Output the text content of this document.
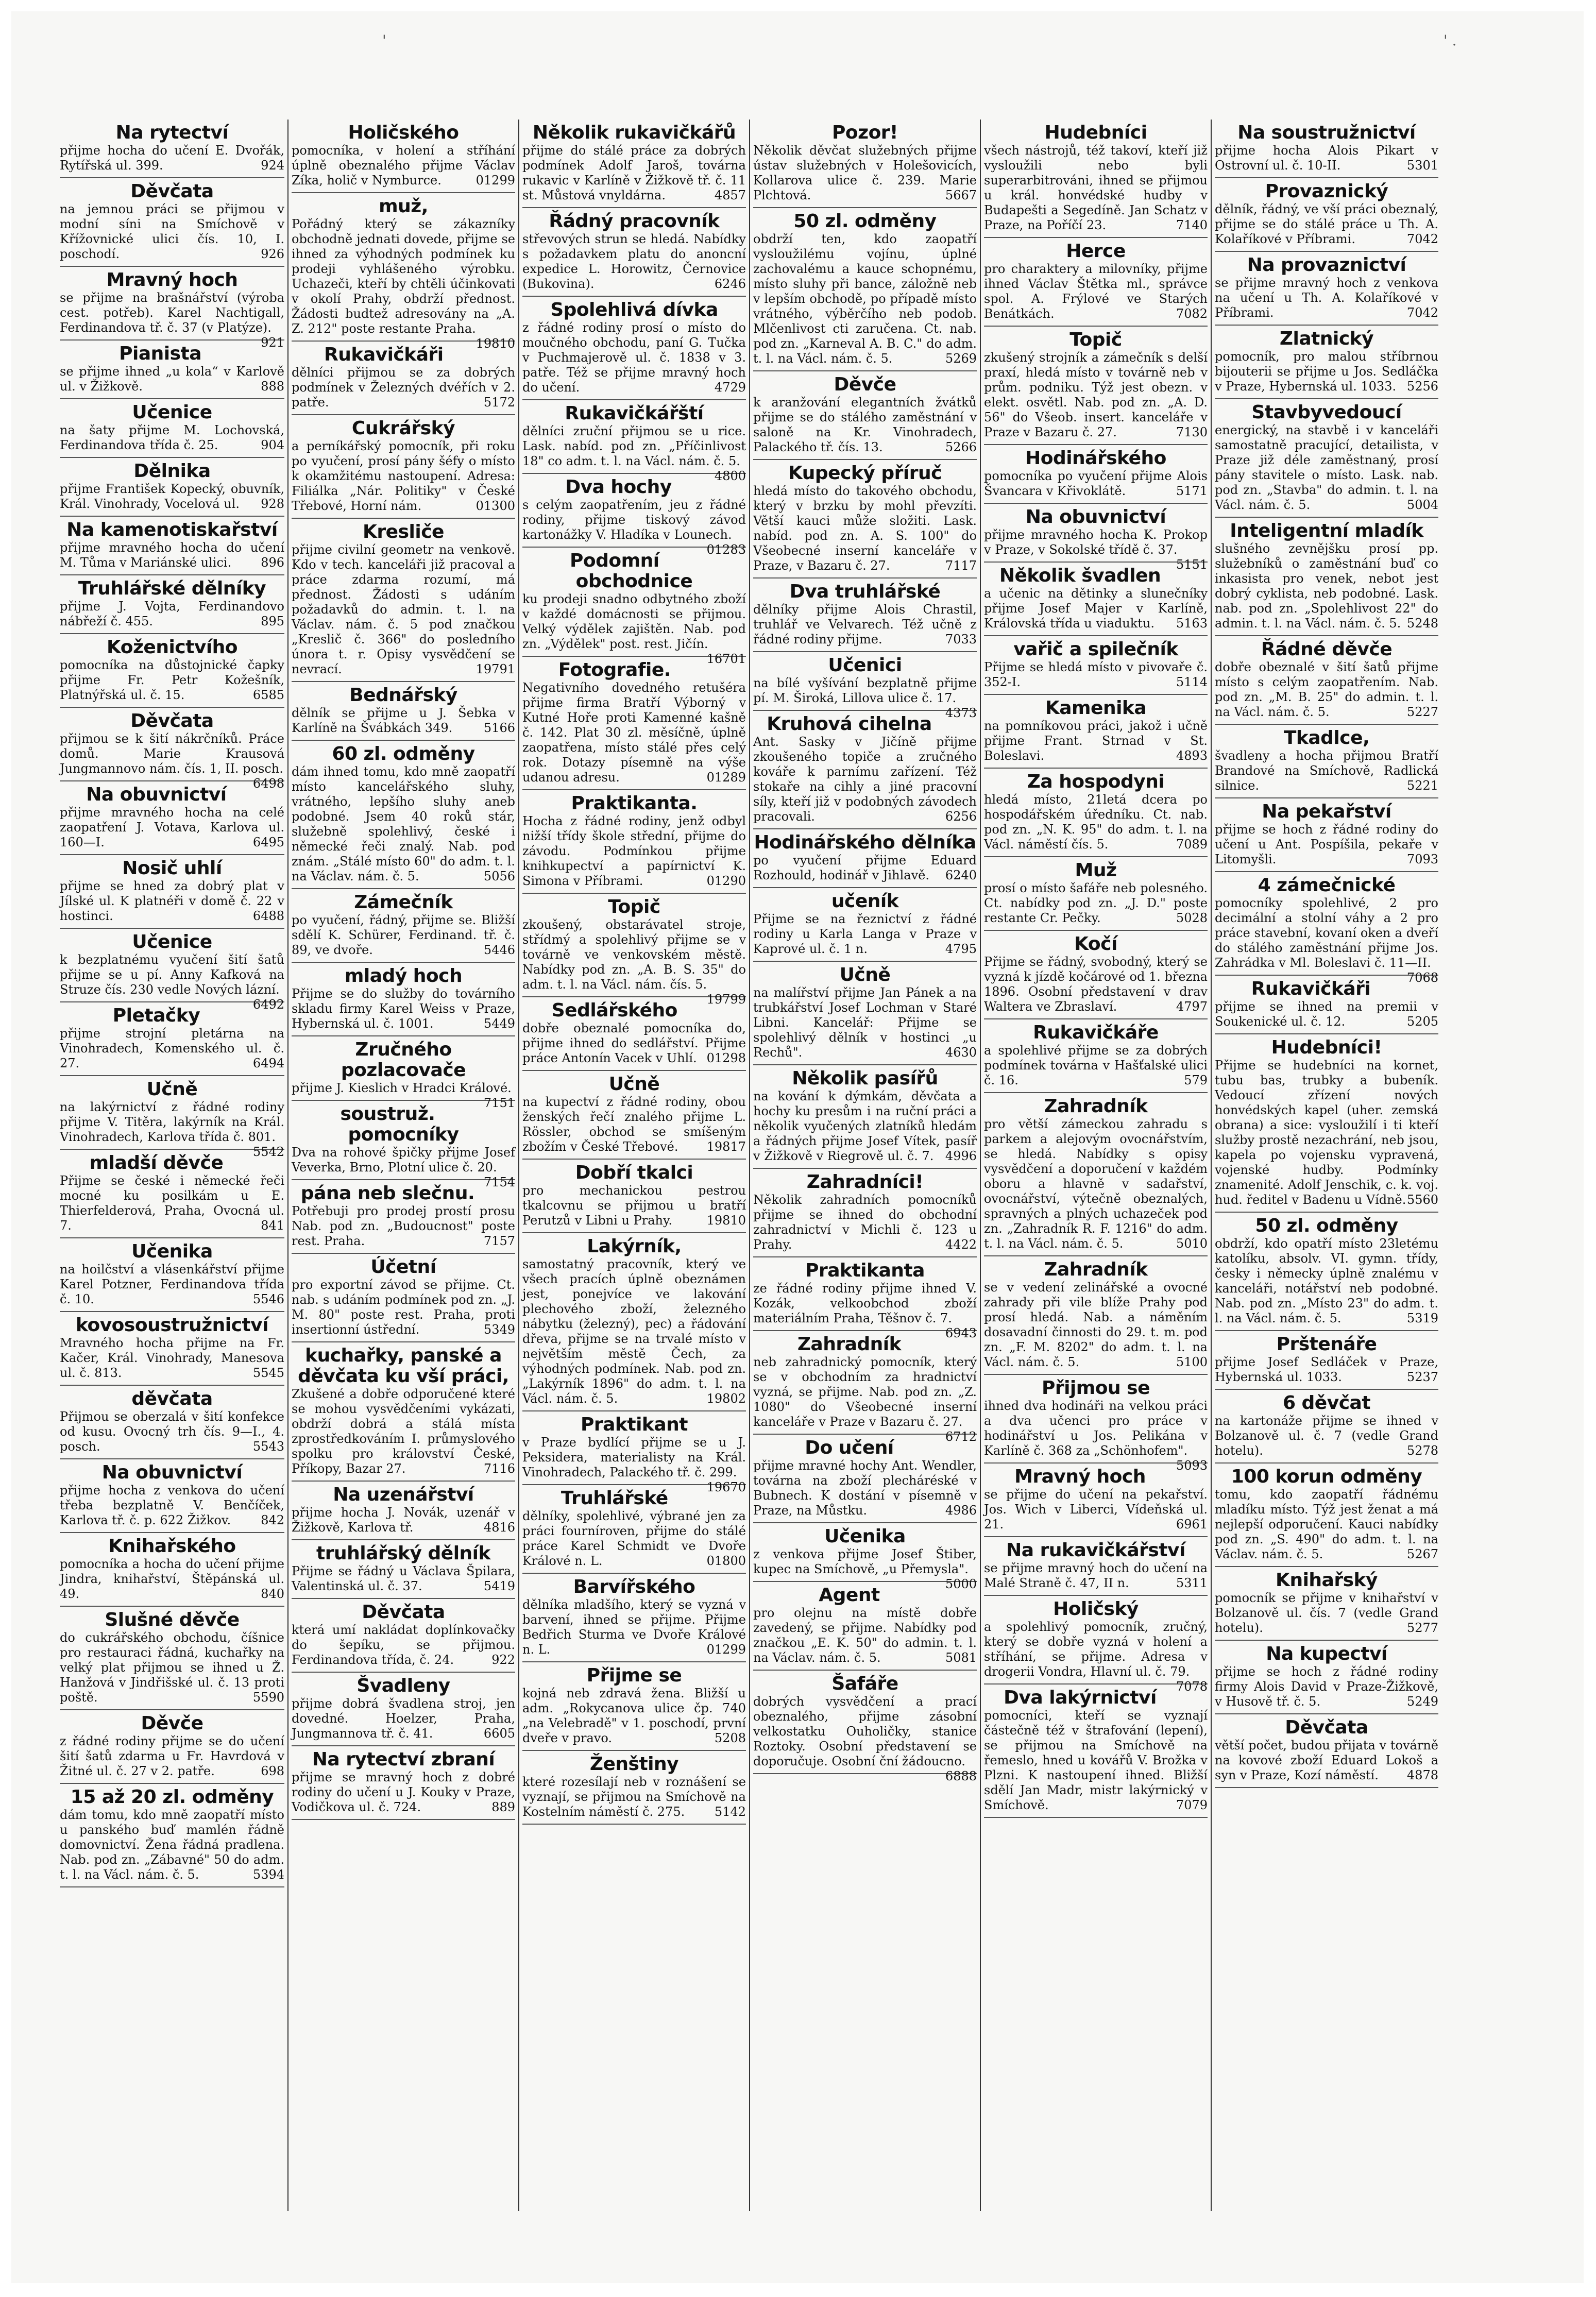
'	' .
Na rytectví

přijme hocha do učení E. Dvořák, Rytířská ul. 399.	924

Děvčata

na jemnou práci se přijmou v modní síni na Smíchově v Křížovnické ulici čís. 10, I. poschodí.	926

Mravný hoch

se přijme na brašnářství (výroba cest. potřeb). Karel Nachtigall, Ferdinandova tř. č. 37 (v Platýze).
921

Pianista

se přijme ihned „u kola“ v Karlově ul. v Žižkově.	888

Učenice

na šaty přijme M. Lochovská, Ferdinandova třída č. 25.	904

Dělnika

přijme František Kopecký, obuvník, Král. Vinohrady, Vocelová ul. 928

Na kamenotiskařství

přijme mravného hocha do učení M. Tůma v Mariánské ulici. 896

Truhlářské dělníky

přijme J. Vojta, Ferdinandovo nábřeží č. 455.	895

Koženictvího

pomocníka na důstojnické čapky přijme Fr. Petr Kožešník, Platnýřská ul. č. 15.	6585

Děvčata

přijmou se k šití nákrčníků. Práce domů. Marie Krausová Jungmannovo nám. čís. 1, II. posch.
6498

Na obuvnictví

přijme mravného hocha na celé zaopatření J. Votava, Karlova ul. 160—I.	6495

Nosič uhlí

přijme se hned za dobrý plat v Jílské ul. K platnéři v domě č. 22 v hostinci.	6488

Učenice

k bezplatnému vyučení šití šatů přijme se u pí. Anny Kafková na Struze čís. 230 vedle Nových lázní.
6492

Pletačky

přijme strojní pletárna na Vinohradech, Komenského ul. č. 27.	6494

Učně

na lakýrnictví z řádné rodiny přijme V. Titěra, lakýrník na Král. Vinohradech, Karlova třída č. 801.
5542

mladší děvče

Přijme se české i německé řeči mocné ku posilkám u E. Thierfelderová, Praha, Ovocná ul. 7.	841

Učenika

na hoilčství a vlásenkářství přijme Karel Potzner, Ferdinandova třída č. 10.	5546

kovosoustružnictví

Mravného hocha přijme na Fr. Kačer, Král. Vinohrady, Manesova ul. č. 813.	5545

děvčata

Přijmou se oberzalá v šití konfekce od kusu. Ovocný trh čís. 9—I., 4. posch.	5543

Na obuvnictví

přijme hocha z venkova do učení třeba bezplatně V. Benčíček, Karlova tř. č. p. 622 Žižkov. 842

Knihařského

pomocníka a hocha do učení přijme Jindra, knihařství, Štěpánská ul. 49.	840

Slušné děvče

do cukrářského obchodu, číšnice pro restauraci řádná, kuchařky na velký plat přijmou se ihned u Ž. Hanžová v Jindřišské ul. č. 13 proti poště.	5590

Děvče

z řádné rodiny přijme se do učení šití šatů zdarma u Fr. Havrdová v Žitné ul. č. 27 v 2. patře.	698

15 až 20 zl. odměny

dám tomu, kdo mně zaopatří místo u panského buď mamlén řádně domovnictví. Žena řádná pradlena. Nab. pod zn. „Zábavné" 50 do adm. t. l. na Václ. nám. č. 5.	5394

Holičského

pomocníka, v holení a stříhání úplně obeznalého přijme Václav Zíka, holič v Nymburce.	01299

muž,

Pořádný který se zákazníky obchodně jednati dovede, přijme se ihned za výhodných podmínek ku prodeji vyhlášeného výrobku. Uchazeči, kteří by chtěli účinkovati v okolí Prahy, obdrží přednost. Žádosti budtež adresovány na „A. Z. 212" poste restante Praha.
19810

Rukavičkáři

dělníci přijmou se za dobrých podmínek v Železných dvéřích v 2. patře.	5172

Cukrářský

a perníkářský pomocník, při roku po vyučení, prosí pány šéfy o místo k okamžitému nastoupení. Adresa: Filiálka „Nár. Politiky" v České Třebové, Horní nám.	01300

Kresliče

přijme civilní geometr na venkově. Kdo v tech. kanceláři již pracoval a práce zdarma rozumí, má přednost. Žádosti s udáním požadavků do admin. t. l. na Václav. nám. č. 5 pod značkou „Kreslič č. 366" do posledního února t. r. Opisy vysvědčení se nevrací.	19791

Bednářský

dělník se přijme u J. Šebka v Karlíně na Švábkách 349.	5166

60 zl. odměny

dám ihned tomu, kdo mně zaopatří místo kancelářského sluhy, vrátného, lepšího sluhy aneb podobné. Jsem 40 roků stár, služebně spolehlivý, české i německé řeči znalý. Nab. pod znám. „Stálé místo 60" do adm. t. l. na Václav. nám. č. 5.	5056

Zámečník

po vyučení, řádný, přijme se. Bližší sdělí K. Schürer, Ferdinand. tř. č. 89, ve dvoře.	5446

mladý hoch

Přijme se do služby do továrního skladu firmy Karel Weiss v Praze, Hybernská ul. č. 1001.	5449

Zručného pozlacovače

přijme J. Kieslich v Hradci Králové.
7151

soustruž. pomocníky

Dva na rohové špičky přijme Josef Veverka, Brno, Plotní ulice č. 20.
7154

pána neb slečnu.

Potřebuji pro prodej prostí prosu Nab. pod zn. „Budoucnost" poste rest. Praha.	7157

Účetní

pro exportní závod se přijme. Ct. nab. s udáním podmínek pod zn. „J. M. 80" poste rest. Praha, proti insertionní ústřední.	5349

kuchařky, panské a děvčata ku vší práci,

Zkušené a dobře odporučené které se mohou vysvědčeními vykázati, obdrží dobrá a stálá místa zprostředkováním I. průmyslového spolku pro království České, Příkopy, Bazar 27.	7116

Na uzenářství

přijme hocha J. Novák, uzenář v Žižkově, Karlova tř.	4816

truhlářský dělník

Přijme se řádný u Václava Špilara, Valentinská ul. č. 37.	5419

Děvčata

která umí nakládat doplínkovačky do šepíku, se přijmou. Ferdinandova třída, č. 24.	922

Švadleny

přijme dobrá švadlena stroj, jen dovedné. Hoelzer, Praha, Jungmannova tř. č. 41.	6605

Na rytectví zbraní

přijme se mravný hoch z dobré rodiny do učení u J. Kouky v Praze, Vodičkova ul. č. 724.	889

Několik rukavičkářů

přijme do stálé práce za dobrých podmínek Adolf Jaroš, továrna rukavic v Karlíně v Žižkově tř. č. 11 st. Můstová vnyldárna.	4857

Řádný pracovník

střevových strun se hledá. Nabídky s požadavkem platu do anoncní expedice L. Horowitz, Černovice (Bukovina).	6246

Spolehlivá dívka

z řádné rodiny prosí o místo do moučného obchodu, paní G. Tučka v Puchmajerově ul. č. 1838 v 3. patře. Též se přijme mravný hoch do učení.	4729

Rukavičkářští

dělníci zruční přijmou se u rice. Lask. nabíd. pod zn. „Příčinlivost 18" co adm. t. l. na Václ. nám. č. 5.
4800

Dva hochy

s celým zaopatřením, jeu z řádné rodiny, přijme tiskový závod kartonážky V. Hladíka v Lounech.
01283

Podomní obchodnice

ku prodeji snadno odbytného zboží v každé domácnosti se přijmou. Velký výdělek zajištěn. Nab. pod zn. „Výdělek" post. rest. Jičín.
16701

Fotografie.

Negativního dovedného retušéra přijme firma Bratří Výborný v Kutné Hoře proti Kamenné kašně č. 142. Plat 30 zl. měsíčně, úplně zaopatřena, místo stálé přes celý rok. Dotazy písemně na výše udanou adresu.	01289

Praktikanta.

Hocha z řádné rodiny, jenž odbyl nižší třídy škole střední, přijme do závodu. Podmínkou přijme knihkupectví a papírnictví K. Simona v Příbrami.	01290

Topič

zkoušený, obstarávatel stroje, střídmý a spolehlivý přijme se v továrně ve venkovském městě. Nabídky pod zn. „A. B. S. 35" do adm. t. l. na Václ. nám. čís. 5.
19799

Sedlářského

dobře obeznalé pomocníka do, přijme ihned do sedlářství. Přijme práce Antonín Vacek v Uhlí. 01298

Učně

na kupectví z řádné rodiny, obou ženských řečí znalého přijme L. Rössler, obchod se smíšeným zbožím v České Třebové. 19817

Dobří tkalci

pro mechanickou pestrou tkalcovnu se přijmou u bratří Perutzů v Libni u Prahy.	19810

Lakýrník,

samostatný pracovník, který ve všech pracích úplně obeznámen jest, ponejvíce ve lakování plechového zboží, železného nábytku (železný), pec) a řádování dřeva, přijme se na trvalé místo v největším městě Čech, za výhodných podmínek. Nab. pod zn. „Lakýrník 1896" do adm. t. l. na Václ. nám. č. 5.	19802

Praktikant

v Praze bydlící přijme se u J. Peksidera, materialisty na Král. Vinohradech, Palackého tř. č. 299.
19670

Truhlářské

dělníky, spolehlivé, výbrané jen za práci fourníroven, přijme do stálé práce Karel Schmidt ve Dvoře Králové n. L.	01800

Barvířského

dělníka mladšího, který se vyzná v barvení, ihned se přijme. Přijme Bedřich Sturma ve Dvoře Králové n. L.	01299

Přijme se

kojná neb zdravá žena. Bližší u adm. „Rokycanova ulice čp. 740 „na Velebradě" v 1. poschodí, první dveře v pravo.	5208

Ženštiny

které rozesílají neb v roznášení se vyznají, se přijmou na Smíchově na Kostelním náměstí č. 275. 5142

Pozor!

Několik děvčat služebných přijme ústav služebných v Holešovicích, Kollarova ulice č. 239. Marie Plchtová.	5667

50 zl. odměny

obdrží ten, kdo zaopatří vysloužilému vojínu, úplné zachovalému a kauce schopnému, místo sluhy při bance, záložně neb v lepším obchodě, po případě místo vrátného, výběrčího neb podob. Mlčenlivost cti zaručena. Ct. nab. pod zn. „Karneval A. B. C." do adm. t. l. na Václ. nám. č. 5.	5269

Děvče

k aranžování elegantních žvátků přijme se do stálého zaměstnání v saloně na Kr. Vinohradech, Palackého tř. čís. 13.	5266

Kupecký příruč

hledá místo do takového obchodu, který v brzku by mohl převzíti. Větší kauci může složiti. Lask. nabíd. pod zn. A. S. 100" do Všeobecné inserní kanceláře v Praze, v Bazaru č. 27.	7117

Dva truhlářské

dělníky přijme Alois Chrastil, truhlář ve Velvarech. Též učně z řádné rodiny přijme.	7033

Učenici

na bílé vyšívání bezplatně přijme pí. M. Široká, Lillova ulice č. 17.
4373

Kruhová cihelna

Ant. Sasky v Jičíně přijme zkoušeného topiče a zručného kováře k parnímu zařízení. Též stokaře na cihly a jiné pracovní síly, kteří již v podobných závodech pracovali.	6256

Hodinářského dělníka

po vyučení přijme Eduard Rozhould, hodinář v Jihlavě. 6240

učeník

Přijme se na řeznictví z řádné rodiny u Karla Langa v Praze v Kaprové ul. č. 1 n.	4795

Učně

na malířství přijme Jan Pánek a na trubkářství Josef Lochman v Staré Libni. Kancelář: Přijme se spolehlivý dělník v hostinci „u Rechů".	4630

Několik pasířů

na kování k dýmkám, děvčata a hochy ku presům i na ruční práci a několik vyučených zlatníků hledám a řádných přijme Josef Vítek, pasíř v Žižkově v Riegrově ul. č. 7. 4996

Zahradníci!

Několik zahradních pomocníků přijme se ihned do obchodní zahradnictví v Michli č. 123 u Prahy.	4422

Praktikanta

ze řádné rodiny přijme ihned V. Kozák, velkoobchod zboží materiálním Praha, Těšnov č. 7.
6943

Zahradník

neb zahradnický pomocník, který se v obchodním za hradnictví vyzná, se přijme. Nab. pod zn. „Z. 1080" do Všeobecné inserní kanceláře v Praze v Bazaru č. 27.
6712

Do učení

přijme mravné hochy Ant. Wendler, továrna na zboží plecháréské v Bubnech. K dostání v písemně v Praze, na Můstku.	4986

Učenika

z venkova přijme Josef Štiber, kupec na Smíchově, „u Přemysla".
5000

Agent

pro olejnu na místě dobře zavedený, se přijme. Nabídky pod značkou „E. K. 50" do admin. t. l. na Václav. nám. č. 5.	5081

Šafáře

dobrých vysvědčení a prací obeznalého, přijme zásobní velkostatku Ouholičky, stanice Roztoky. Osobní představení se doporučuje. Osobní ční žádoucno.
6888

Hudebníci

všech nástrojů, též takoví, kteří již vysloužili nebo byli superarbitrováni, ihned se přijmou u král. honvédské hudby v Budapešti a Segedíně. Jan Schatz v Praze, na Poříčí 23.	7140

Herce

pro charaktery a milovníky, přijme ihned Václav Štětka ml., správce spol. A. Frýlové ve Starých Benátkách.	7082

Topič

zkušený strojník a zámečník s delší praxí, hledá místo v továrně neb v prům. podniku. Týž jest obezn. v elekt. osvětl. Nab. pod zn. „A. D. 56" do Všeob. insert. kanceláře v Praze v Bazaru č. 27.	7130

Hodinářského

pomocníka po vyučení přijme Alois Švancara v Křivoklátě.	5171

Na obuvnictví

přijme mravného hocha K. Prokop v Praze, v Sokolské třídě č. 37.
5151

Několik švadlen

a učenic na dětinky a slunečníky přijme Josef Majer v Karlíně, Královská třída u viaduktu. 5163

vařič a spilečník

Přijme se hledá místo v pivovaře č. 352-I.	5114

Kamenika

na pomníkovou práci, jakož i učně přijme Frant. Strnad v St. Boleslavi.	4893

Za hospodyni

hledá místo, 21letá dcera po hospodářském úředníku. Ct. nab. pod zn. „N. K. 95" do adm. t. l. na Václ. náměstí čís. 5.	7089

Muž

prosí o místo šafáře neb polesného. Ct. nabídky pod zn. „J. D." poste restante Cr. Pečky.	5028

Kočí

Přijme se řádný, svobodný, který se vyzná k jízdě kočárové od 1. března 1896. Osobní představení v drav Waltera ve Zbraslaví.	4797

Rukavičkáře

a spolehlivé přijme se za dobrých podmínek továrna v Hašťalské ulici č. 16.	579

Zahradník

pro větší zámeckou zahradu s parkem a alejovým ovocnářstvím, se hledá. Nabídky s opisy vysvědčení a doporučení v každém oboru a hlavně v sadařství, ovocnářství, výtečně obeznalých, spravných a plných uchazeček pod zn. „Zahradník R. F. 1216" do adm. t. l. na Václ. nám. č. 5.	5010

Zahradník

se v vedení zelinářské a ovocné zahrady při vile blíže Prahy pod prosí hledá. Nab. a náměním dosavadní činnosti do 29. t. m. pod zn. „F. M. 8202" do adm. t. l. na Václ. nám. č. 5.	5100

Přijmou se

ihned dva hodináři na velkou práci a dva učenci pro práce v hodinářství u Jos. Pelikána v Karlíně č. 368 za „Schönhofem".
5093

Mravný hoch

se přijme do učení na pekařství. Jos. Wich v Liberci, Vídeňská ul. 21.	6961

Na rukavičkářství

se přijme mravný hoch do učení na Malé Straně č. 47, II n.	5311

Holičský

a spolehlivý pomocník, zručný, který se dobře vyzná v holení a stříhání, se přijme. Adresa v drogerii Vondra, Hlavní ul. č. 79.
7078

Dva lakýrnictví

pomocníci, kteří se vyznají částečně též v štrafování (lepení), se přijmou na Smíchově na řemeslo, hned u kovářů V. Brožka v Plzni. K nastoupení ihned. Bližší sdělí Jan Madr, mistr lakýrnický v Smíchově.	7079

Na soustružnictví

přijme hocha Alois Pikart v Ostrovní ul. č. 10-II.	5301

Provaznický

dělník, řádný, ve vší práci obeznalý, přijme se do stálé práce u Th. A. Kolaříkové v Příbrami.	7042

Na provaznictví

se přijme mravný hoch z venkova na učení u Th. A. Kolaříkové v Příbrami.	7042

Zlatnický

pomocník, pro malou stříbrnou bijouterii se přijme u Jos. Sedláčka v Praze, Hybernská ul. 1033. 5256

Stavbyvedoucí

energický, na stavbě i v kanceláři samostatně pracující, detailista, v Praze již déle zaměstnaný, prosí pány stavitele o místo. Lask. nab. pod zn. „Stavba" do admin. t. l. na Václ. nám. č. 5.	5004

Inteligentní mladík

slušného zevnějšku prosí pp. služebníků o zaměstnání buď co inkasista pro venek, nebot jest dobrý cyklista, neb podobné. Lask. nab. pod zn. „Spolehlivost 22" do admin. t. l. na Václ. nám. č. 5. 5248

Řádné děvče

dobře obeznalé v šití šatů přijme místo s celým zaopatřením. Nab. pod zn. „M. B. 25" do admin. t. l. na Václ. nám. č. 5.	5227

Tkadlce,

švadleny a hocha přijmou Bratří Brandové na Smíchově, Radlická silnice.	5221

Na pekařství

přijme se hoch z řádné rodiny do učení u Ant. Pospíšila, pekaře v Litomyšli.	7093

4 zámečnické

pomocníky spolehlivé, 2 pro decimální a stolní váhy a 2 pro práce stavební, kovaní oken a dveří do stálého zaměstnání přijme Jos. Zahrádka v Ml. Boleslavi č. 11—II.
7068

Rukavičkáři

přijme se ihned na premii v Soukenické ul. č. 12.	5205

Hudebníci!

Přijme se hudebníci na kornet, tubu bas, trubky a bubeník. Vedoucí zřízení nových honvédských kapel (uher. zemská obrana) a sice: vysloužilí i ti kteří služby prostě nezachrání, neb jsou, kapela po vojensku vypravená, vojenské hudby. Podmínky znamenité. Adolf Jenschik, c. k. voj. hud. ředitel v Badenu u Vídně. 5560

50 zl. odměny

obdrží, kdo opatří místo 23letému katolíku, absolv. VI. gymn. třídy, česky i německy úplně znalému v kanceláři, notářství neb podobné. Nab. pod zn. „Místo 23" do adm. t. l. na Václ. nám. č. 5.	5319

Prštenáře

přijme Josef Sedláček v Praze, Hybernská ul. 1033.	5237

6 děvčat

na kartonáže přijme se ihned v Bolzanově ul. č. 7 (vedle Grand hotelu).	5278

100 korun odměny

tomu, kdo zaopatří řádnému mladíku místo. Týž jest ženat a má nejlepší odporučení. Kauci nabídky pod zn. „S. 490" do adm. t. l. na Václav. nám. č. 5.	5267

Knihařský

pomocník se přijme v knihařství v Bolzanově ul. čís. 7 (vedle Grand hotelu).	5277

Na kupectví

přijme se hoch z řádné rodiny firmy Alois David v Praze-Žižkově, v Husově tř. č. 5.	5249

Děvčata

větší počet, budou přijata v továrně na kovové zboží Eduard Lokoš a syn v Praze, Kozí náměstí. 4878
